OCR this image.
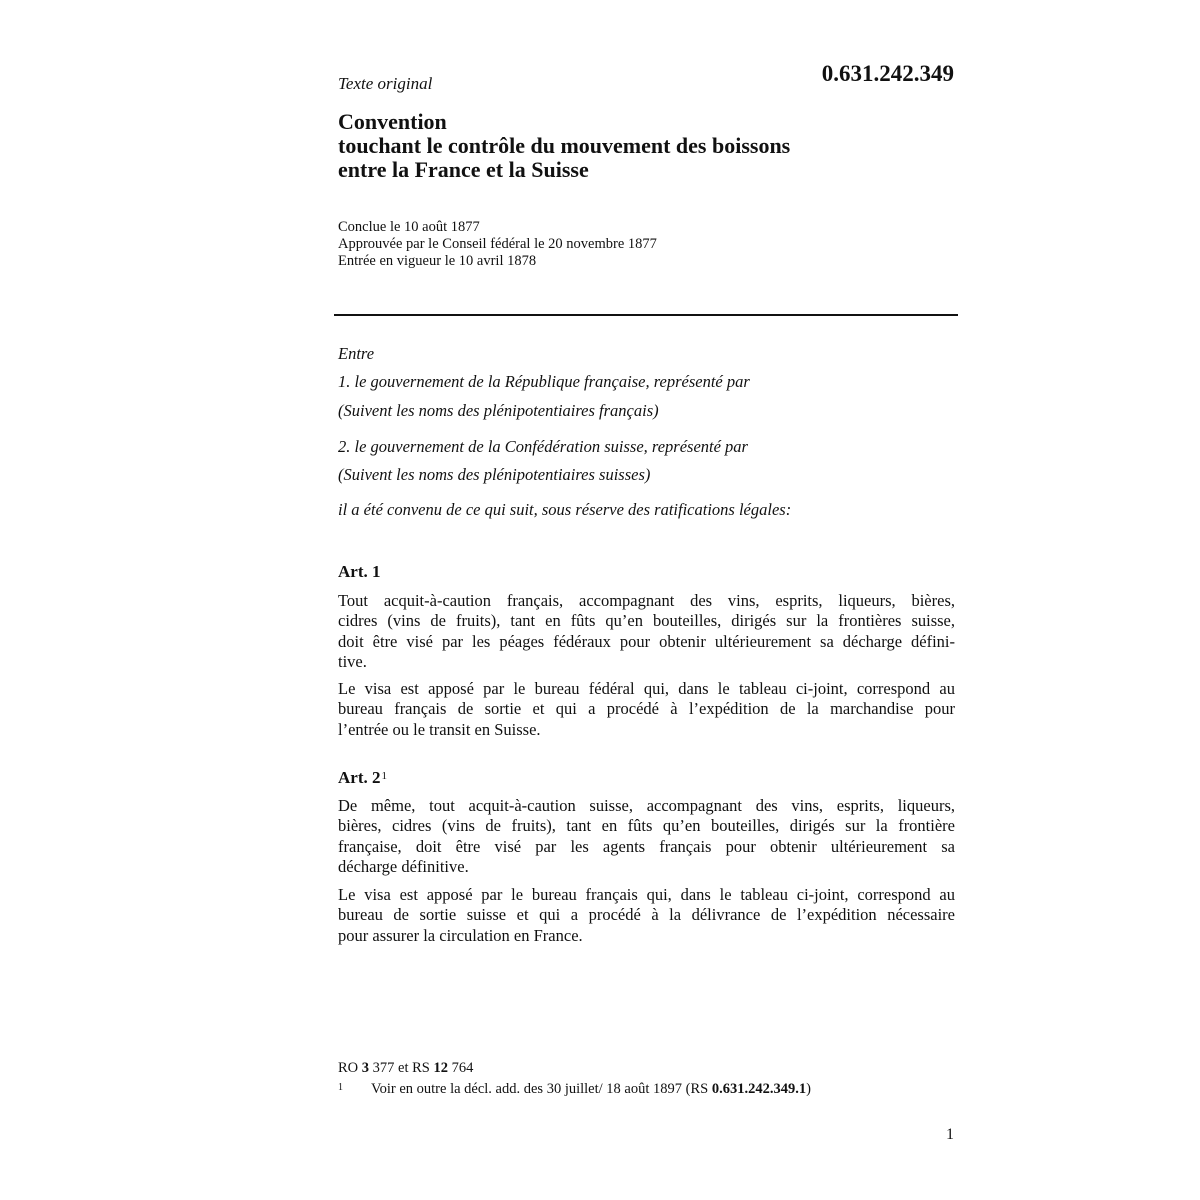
Texte original	0.631.242.349
Convention
touchant le contrôle du mouvement des boissons
entre la France et la Suisse
Conclue le 10 août 1877
Approuvée par le Conseil fédéral le 20 novembre 1877
Entrée en vigueur le 10 avril 1878
Entre
1. le gouvernement de la République française, représenté par
(Suivent les noms des plénipotentiaires français)
2. le gouvernement de la Confédération suisse, représenté par
(Suivent les noms des plénipotentiaires suisses)
il a été convenu de ce qui suit, sous réserve des ratifications légales:
Art. 1
Tout acquit-à-caution français, accompagnant des vins, esprits, liqueurs, bières,
cidres (vins de fruits), tant en fûts qu’en bouteilles, dirigés sur la frontières suisse,
doit être visé par les péages fédéraux pour obtenir ultérieurement sa décharge défini-
tive.
Le visa est apposé par le bureau fédéral qui, dans le tableau ci-joint, correspond au
bureau français de sortie et qui a procédé à l’expédition de la marchandise pour
l’entrée ou le transit en Suisse.
Art. $2^1$
De même, tout acquit-à-caution suisse, accompagnant des vins, esprits, liqueurs,
bières, cidres (vins de fruits), tant en fûts qu’en bouteilles, dirigés sur la frontière
française, doit être visé par les agents français pour obtenir ultérieurement sa
décharge définitive.
Le visa est apposé par le bureau français qui, dans le tableau ci-joint, correspond au
bureau de sortie suisse et qui a procédé à la délivrance de l’expédition nécessaire
pour assurer la circulation en France.
RO 3 377 et RS 12 764
1 Voir en outre la décl. add. des 30 juillet/ 18 août 1897 (RS 0.631.242.349.1)
1
